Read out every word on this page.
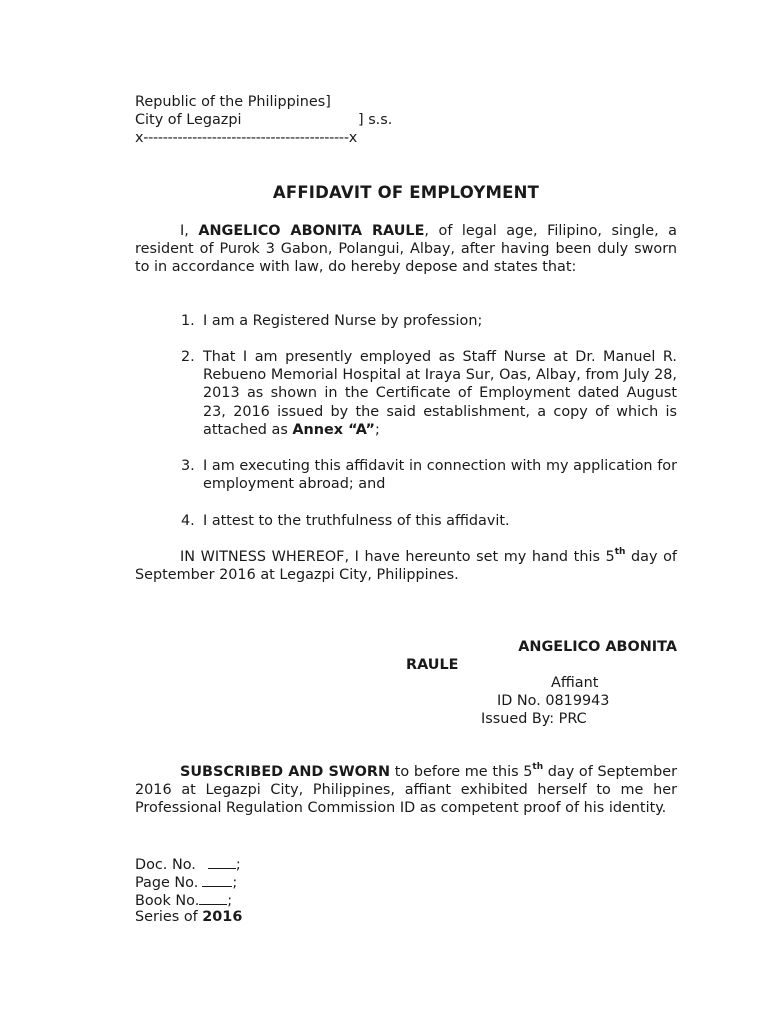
Republic of the Philippines]
City of Legazpi	] s.s.
x------------------------------------------x
AFFIDAVIT OF EMPLOYMENT
I, ANGELICO ABONITA RAULE, of legal age, Filipino, single, a resident of Purok 3 Gabon, Polangui, Albay, after having been duly sworn to in accordance with law, do hereby depose and states that:
1. I am a Registered Nurse by profession;
2. That I am presently employed as Staff Nurse at Dr. Manuel R. Rebueno Memorial Hospital at Iraya Sur, Oas, Albay, from July 28, 2013 as shown in the Certificate of Employment dated August 23, 2016 issued by the said establishment, a copy of which is attached as Annex “A”;
3. I am executing this affidavit in connection with my application for employment abroad; and
4. I attest to the truthfulness of this affidavit.
IN WITNESS WHEREOF, I have hereunto set my hand this 5th day of September 2016 at Legazpi City, Philippines.
ANGELICO ABONITA
RAULE
Affiant
ID No. 0819943
Issued By: PRC
SUBSCRIBED AND SWORN to before me this 5th day of September 2016 at Legazpi City, Philippines, affiant exhibited herself to me her Professional Regulation Commission ID as competent proof of his identity.
Doc. No.	;
Page No. ;
Book No. ;
Series of 2016
